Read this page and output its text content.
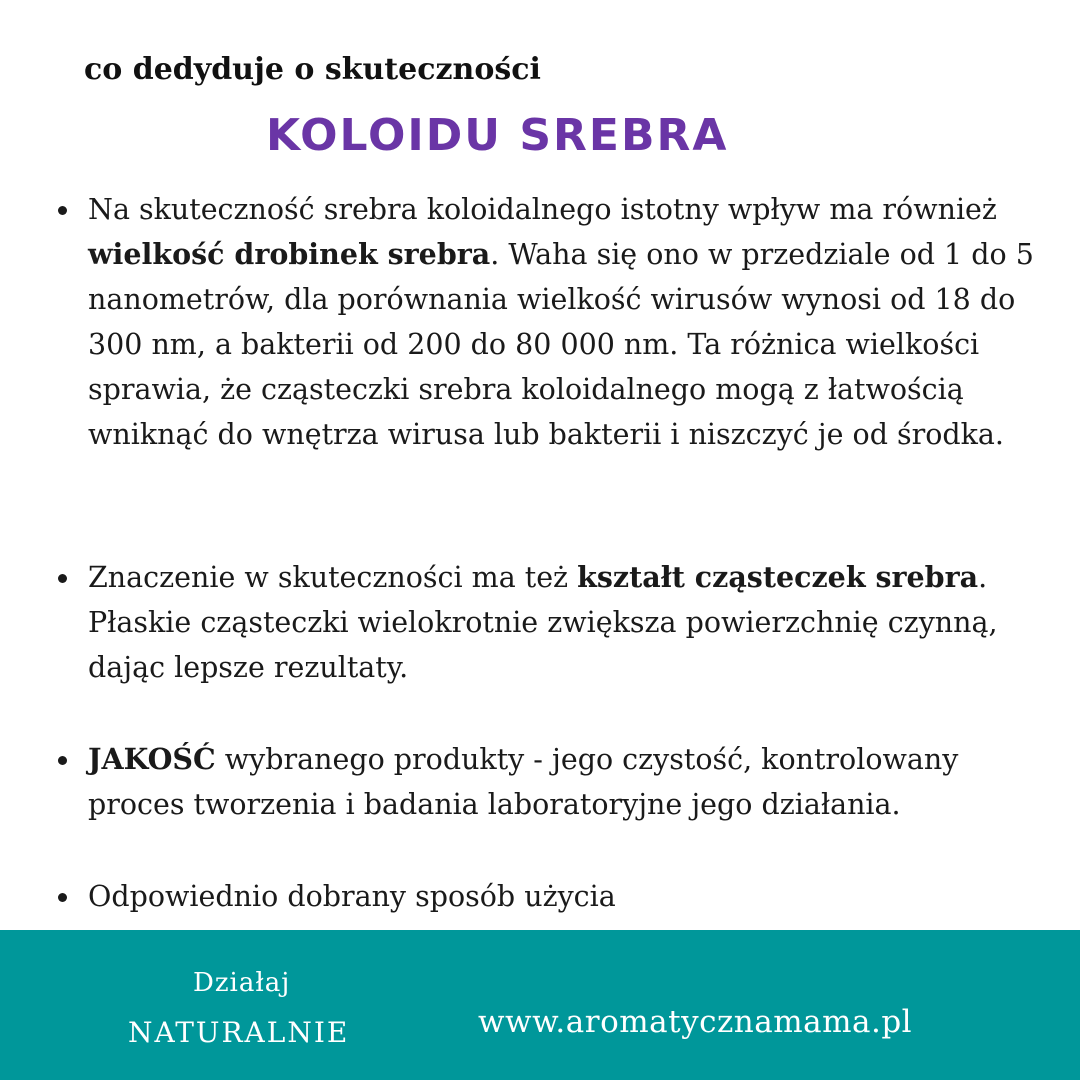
co dedyduje o skuteczności
KOLOIDU SREBRA
Na skuteczność srebra koloidalnego istotny wpływ ma również wielkość drobinek srebra. Waha się ono w przedziale od 1 do 5 nanometrów, dla porównania wielkość wirusów wynosi od 18 do 300 nm, a bakterii od 200 do 80 000 nm. Ta różnica wielkości sprawia, że cząsteczki srebra koloidalnego mogą z łatwością wniknąć do wnętrza wirusa lub bakterii i niszczyć je od środka.
Znaczenie w skuteczności ma też kształt cząsteczek srebra. Płaskie cząsteczki wielokrotnie zwiększa powierzchnię czynną, dając lepsze rezultaty.
JAKOŚĆ wybranego produkty - jego czystość, kontrolowany proces tworzenia i badania laboratoryjne jego działania.
Odpowiednio dobrany sposób użycia
Działaj
NATURALNIE	www.aromatycznamama.pl
